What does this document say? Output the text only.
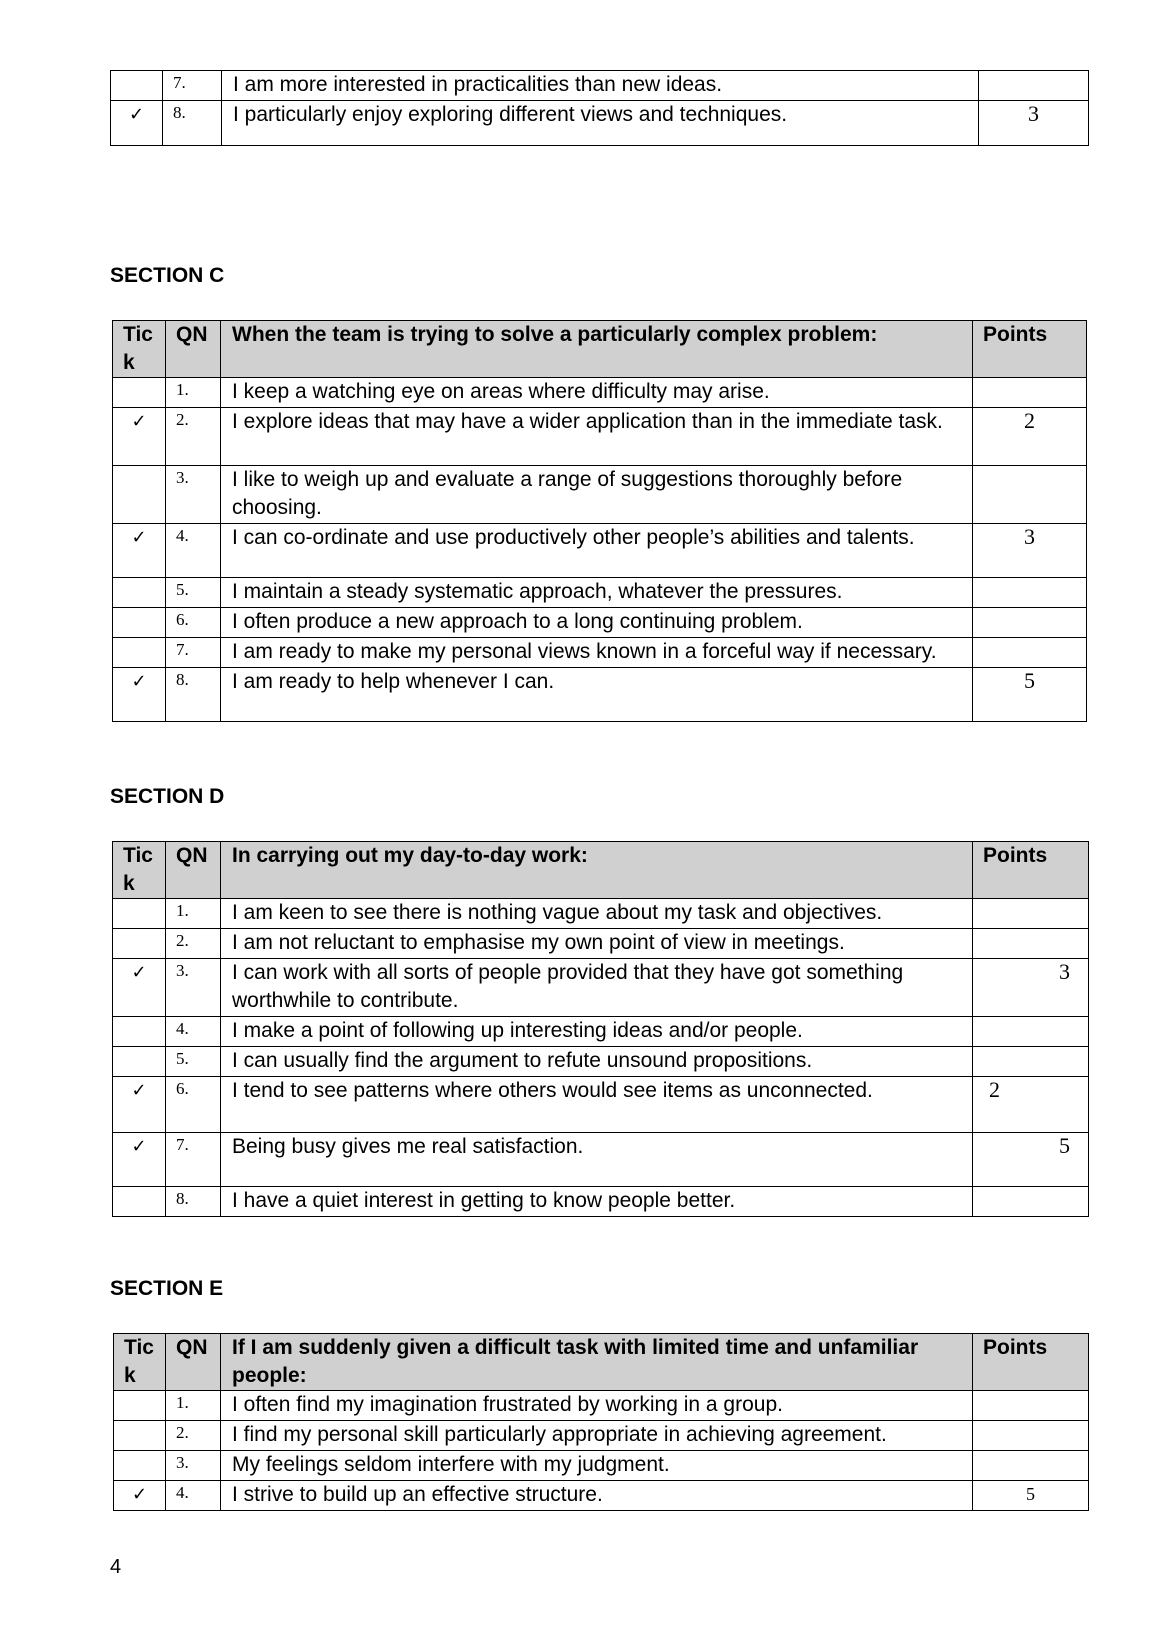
	7.	I am more interested in practicalities than new ideas.	
✓	8.	I particularly enjoy exploring different views and techniques.	3
SECTION C
Tic k	QN	When the team is trying to solve a particularly complex problem:	Points
	1.	I keep a watching eye on areas where difficulty may arise.	
✓	2.	I explore ideas that may have a wider application than in the immediate task.	2
	3.	I like to weigh up and evaluate a range of suggestions thoroughly before choosing.	
✓	4.	I can co-ordinate and use productively other people’s abilities and talents.	3
	5.	I maintain a steady systematic approach, whatever the pressures.	
	6.	I often produce a new approach to a long continuing problem.	
	7.	I am ready to make my personal views known in a forceful way if necessary.	
✓	8.	I am ready to help whenever I can.	5
SECTION D
Tic k	QN	In carrying out my day-to-day work:	Points
	1.	I am keen to see there is nothing vague about my task and objectives.	
	2.	I am not reluctant to emphasise my own point of view in meetings.	
✓	3.	I can work with all sorts of people provided that they have got something worthwhile to contribute.	3
	4.	I make a point of following up interesting ideas and/or people.	
	5.	I can usually find the argument to refute unsound propositions.	
✓	6.	I tend to see patterns where others would see items as unconnected.	2
✓	7.	Being busy gives me real satisfaction.	5
	8.	I have a quiet interest in getting to know people better.	
SECTION E
Tic k	QN	If I am suddenly given a difficult task with limited time and unfamiliar people:	Points
	1.	I often find my imagination frustrated by working in a group.	
	2.	I find my personal skill particularly appropriate in achieving agreement.	
	3.	My feelings seldom interfere with my judgment.	
✓	4.	I strive to build up an effective structure.	5
4
